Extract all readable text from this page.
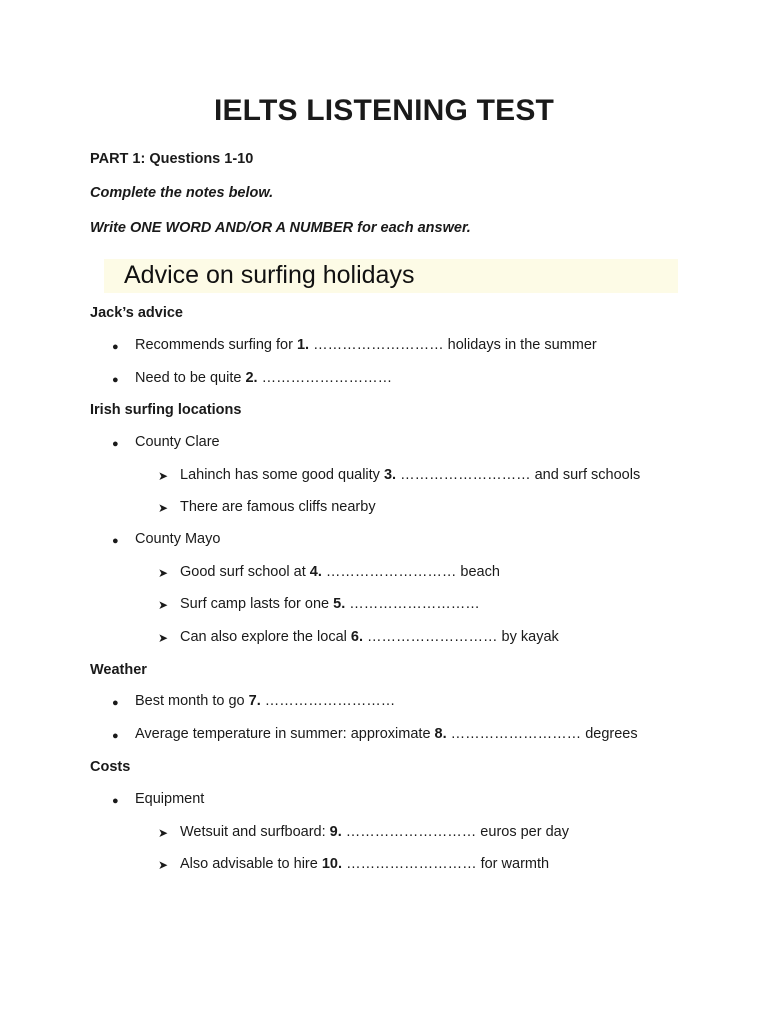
IELTS LISTENING TEST
PART 1: Questions 1-10
Complete the notes below.
Write ONE WORD AND/OR A NUMBER for each answer.
Advice on surfing holidays
Jack’s advice
● Recommends surfing for 1. ……………………… holidays in the summer
● Need to be quite 2. ………………………
Irish surfing locations
● County Clare
➤ Lahinch has some good quality 3. ……………………… and surf schools
➤ There are famous cliffs nearby
● County Mayo
➤ Good surf school at 4. ……………………… beach
➤ Surf camp lasts for one 5. ………………………
➤ Can also explore the local 6. ……………………… by kayak
Weather
● Best month to go 7. ………………………
● Average temperature in summer: approximate 8. ……………………… degrees
Costs
● Equipment
➤ Wetsuit and surfboard: 9. ……………………… euros per day
➤ Also advisable to hire 10. ……………………… for warmth
